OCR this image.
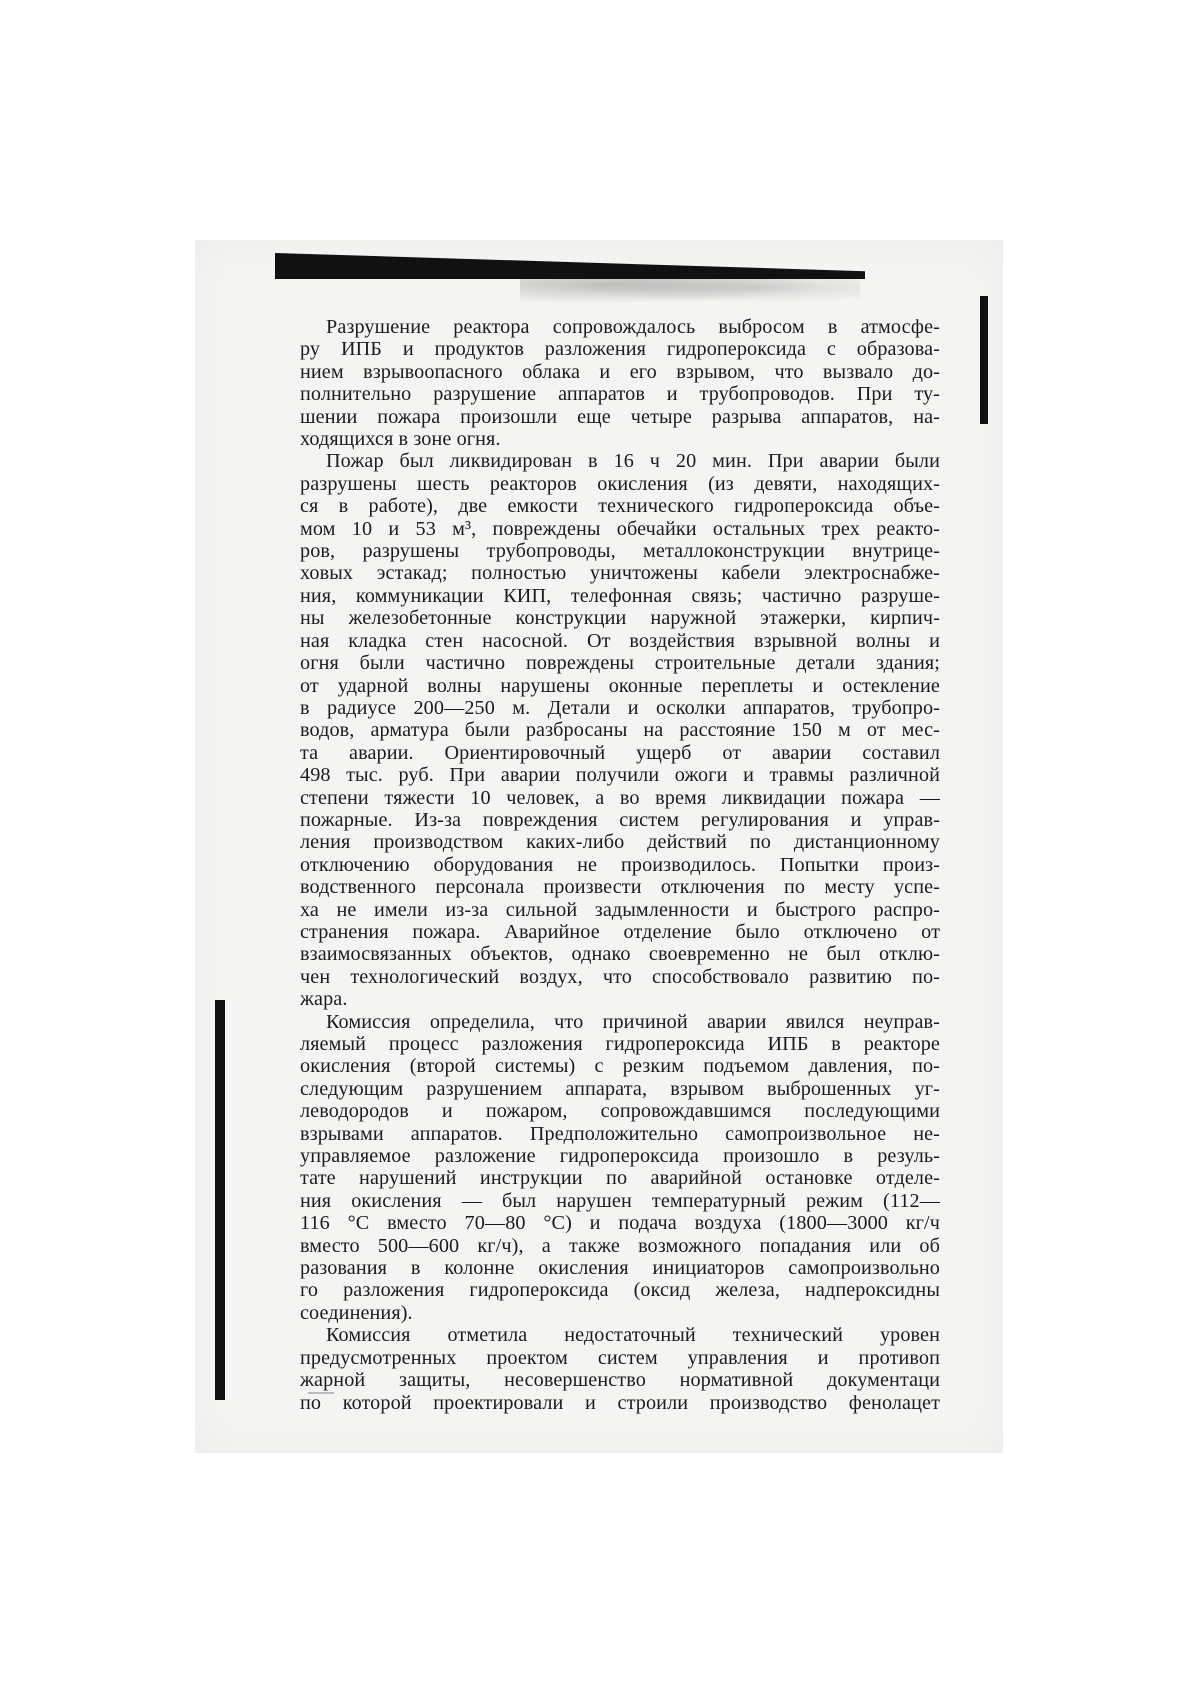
Разрушение реактора сопровождалось выбросом в атмосфе-
ру ИПБ и продуктов разложения гидропероксида с образова-
нием взрывоопасного облака и его взрывом, что вызвало до-
полнительно разрушение аппаратов и трубопроводов. При ту-
шении пожара произошли еще четыре разрыва аппаратов, на-
ходящихся в зоне огня.

Пожар был ликвидирован в 16 ч 20 мин. При аварии были
разрушены шесть реакторов окисления (из девяти, находящих-
ся в работе), две емкости технического гидропероксида объе-
мом 10 и 53 м³, повреждены обечайки остальных трех реакто-
ров, разрушены трубопроводы, металлоконструкции внутрице-
ховых эстакад; полностью уничтожены кабели электроснабже-
ния, коммуникации КИП, телефонная связь; частично разруше-
ны железобетонные конструкции наружной этажерки, кирпич-
ная кладка стен насосной. От воздействия взрывной волны и
огня были частично повреждены строительные детали здания;
от ударной волны нарушены оконные переплеты и остекление
в радиусе 200—250 м. Детали и осколки аппаратов, трубопро-
водов, арматура были разбросаны на расстояние 150 м от мес-
та аварии. Ориентировочный ущерб от аварии составил
498 тыс. руб. При аварии получили ожоги и травмы различной
степени тяжести 10 человек, а во время ликвидации пожара —
пожарные. Из-за повреждения систем регулирования и управ-
ления производством каких-либо действий по дистанционному
отключению оборудования не производилось. Попытки произ-
водственного персонала произвести отключения по месту успе-
ха не имели из-за сильной задымленности и быстрого распро-
странения пожара. Аварийное отделение было отключено от
взаимосвязанных объектов, однако своевременно не был отклю-
чен технологический воздух, что способствовало развитию по-
жара.

Комиссия определила, что причиной аварии явился неуправ-
ляемый процесс разложения гидропероксида ИПБ в реакторе
окисления (второй системы) с резким подъемом давления, по-
следующим разрушением аппарата, взрывом выброшенных уг-
леводородов и пожаром, сопровождавшимся последующими
взрывами аппаратов. Предположительно самопроизвольное не-
управляемое разложение гидропероксида произошло в резуль-
тате нарушений инструкции по аварийной остановке отделе-
ния окисления — был нарушен температурный режим (112—
116 °С вместо 70—80 °С) и подача воздуха (1800—3000 кг/ч
вместо 500—600 кг/ч), а также возможного попадания или об
разования в колонне окисления инициаторов самопроизвольно
го разложения гидропероксида (оксид железа, надпероксидны
соединения).

Комиссия отметила недостаточный технический уровен
предусмотренных проектом систем управления и противоп
жарной защиты, несовершенство нормативной документаци
по которой проектировали и строили производство фенолацет
